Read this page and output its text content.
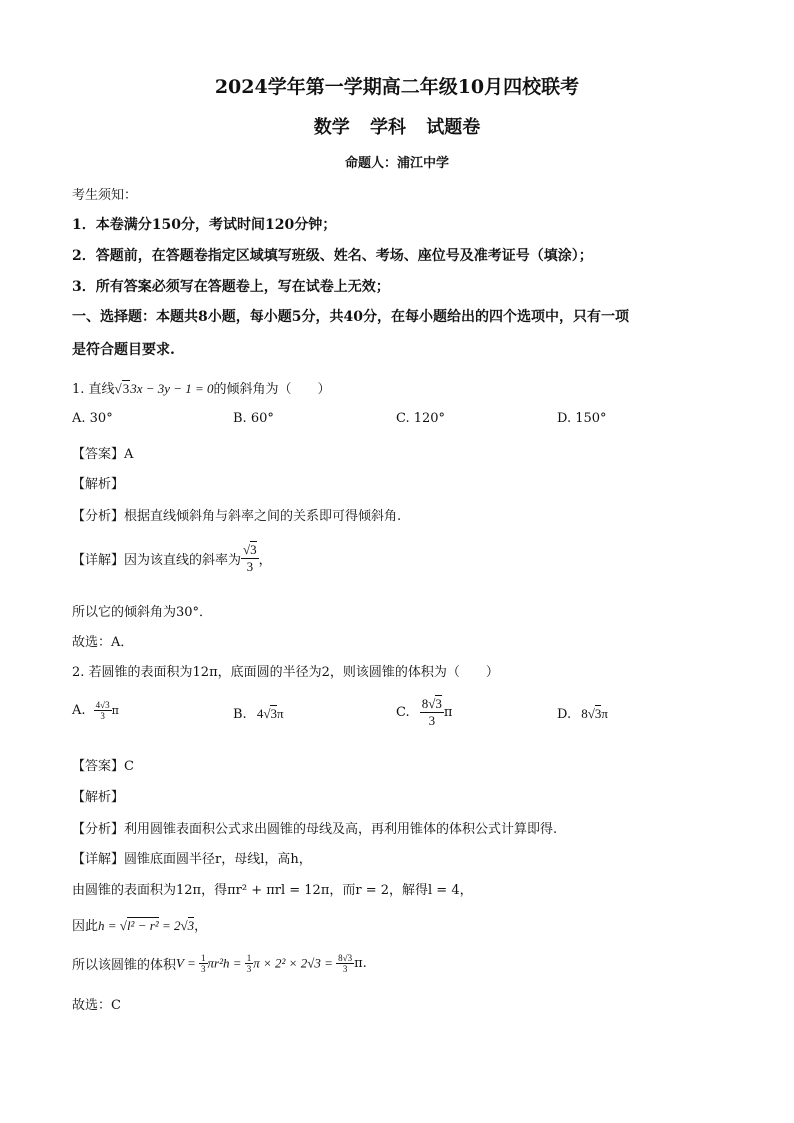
2024学年第一学期高二年级10月四校联考
数学 学科 试题卷
命题人：浦江中学
考生须知：
1．本卷满分150分，考试时间120分钟；
2．答题前，在答题卷指定区域填写班级、姓名、考场、座位号及准考证号（填涂）；
3．所有答案必须写在答题卷上，写在试卷上无效；
一、选择题：本题共8小题，每小题5分，共40分，在每小题给出的四个选项中，只有一项
是符合题目要求.
1. 直线√33x − 3y − 1 = 0的倾斜角为（　　）
A. 30°	B. 60°	C. 120°	D. 150°
【答案】A
【解析】
【分析】根据直线倾斜角与斜率之间的关系即可得倾斜角.
【详解】因为该直线的斜率为 $\frac{√3}{3}$ ，
所以它的倾斜角为30°．
故选：A．
2. 若圆锥的表面积为12π，底面圆的半径为2，则该圆锥的体积为（　　）
A. $\frac{4√3}{3}$ π	B. 4√3π	C. $\frac{8√3}{3}$ π	D. 8√3π
【答案】C
【解析】
【分析】利用圆锥表面积公式求出圆锥的母线及高，再利用锥体的体积公式计算即得.
【详解】圆锥底面圆半径r，母线l，高h，
由圆锥的表面积为12π，得πr² + πrl = 12π，而r = 2，解得l = 4，
因此h = √l² − r² = 2√3，
所以该圆锥的体积$V = \frac{1}{3} \pi r^2h = \frac{1}{3}$ $\pi \times 2^2 \times 2√3 = \frac{8√3}{3} \pi$.
故选：C
